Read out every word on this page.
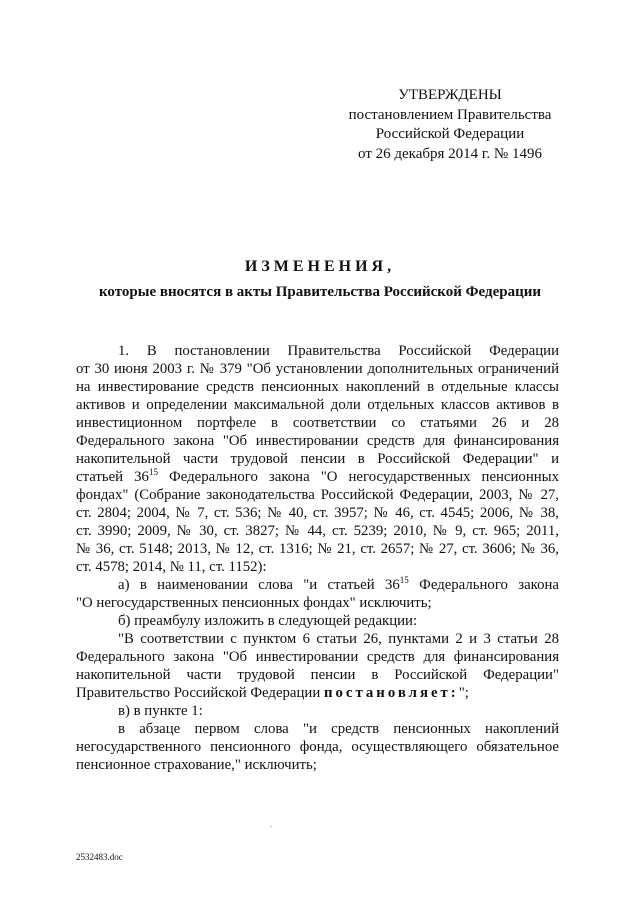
УТВЕРЖДЕНЫ
постановлением Правительства
Российской Федерации
от 26 декабря 2014 г. № 1496
ИЗМЕНЕНИЯ,
которые вносятся в акты Правительства Российской Федерации
1. В постановлении Правительства Российской Федерации
от 30 июня 2003 г. № 379 "Об установлении дополнительных ограничений
на инвестирование средств пенсионных накоплений в отдельные классы
активов и определении максимальной доли отдельных классов активов в
инвестиционном портфеле в соответствии со статьями 26 и 28
Федерального закона "Об инвестировании средств для финансирования
накопительной части трудовой пенсии в Российской Федерации" и
статьей $36^{15}$ Федерального закона "О негосударственных пенсионных
фондах" (Собрание законодательства Российской Федерации, 2003, № 27,
ст. 2804; 2004, № 7, ст. 536; № 40, ст. 3957; № 46, ст. 4545; 2006, № 38,
ст. 3990; 2009, № 30, ст. 3827; № 44, ст. 5239; 2010, № 9, ст. 965; 2011,
№ 36, ст. 5148; 2013, № 12, ст. 1316; № 21, ст. 2657; № 27, ст. 3606; № 36,
ст. 4578; 2014, № 11, ст. 1152):
а) в наименовании слова "и статьей $36^{15}$ Федерального закона
"О негосударственных пенсионных фондах" исключить;
б) преамбулу изложить в следующей редакции:
"В соответствии с пунктом 6 статьи 26, пунктами 2 и 3 статьи 28
Федерального закона "Об инвестировании средств для финансирования
накопительной части трудовой пенсии в Российской Федерации"
Правительство Российской Федерации постановляет:";
в) в пункте 1:
в абзаце первом слова "и средств пенсионных накоплений
негосударственного пенсионного фонда, осуществляющего обязательное
пенсионное страхование," исключить;
2532483.doc
